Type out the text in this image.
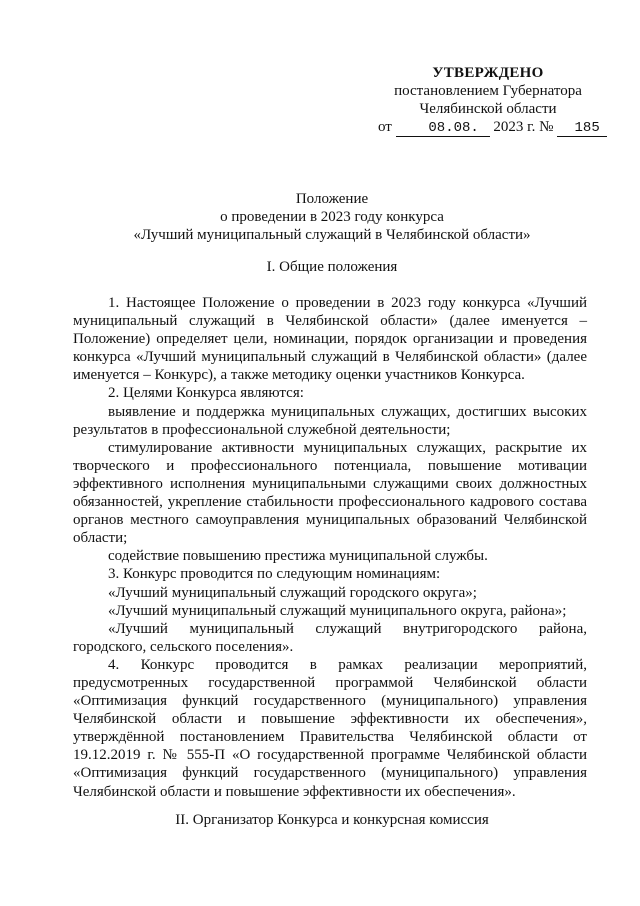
УТВЕРЖДЕНО
постановлением Губернатора
Челябинской области
от	08.08. 2023 г. № 185
Положение
о проведении в 2023 году конкурса
«Лучший муниципальный служащий в Челябинской области»
I. Общие положения

1. Настоящее Положение о проведении в 2023 году конкурса «Лучший муниципальный служащий в Челябинской области» (далее именуется – Положение) определяет цели, номинации, порядок организации и проведения конкурса «Лучший муниципальный служащий в Челябинской области» (далее именуется – Конкурс), а также методику оценки участников Конкурса.

2. Целями Конкурса являются:

выявление и поддержка муниципальных служащих, достигших высоких результатов в профессиональной служебной деятельности;

стимулирование активности муниципальных служащих, раскрытие их творческого и профессионального потенциала, повышение мотивации эффективного исполнения муниципальными служащими своих должностных обязанностей, укрепление стабильности профессионального кадрового состава органов местного самоуправления муниципальных образований Челябинской области;

содействие повышению престижа муниципальной службы.

3. Конкурс проводится по следующим номинациям:

«Лучший муниципальный служащий городского округа»;

«Лучший муниципальный служащий муниципального округа, района»;

«Лучший муниципальный служащий внутригородского района, городского, сельского поселения».

4. Конкурс проводится в рамках реализации мероприятий, предусмотренных государственной программой Челябинской области «Оптимизация функций государственного (муниципального) управления Челябинской области и повышение эффективности их обеспечения», утверждённой постановлением Правительства Челябинской области от 19.12.2019 г. № 555-П «О государственной программе Челябинской области «Оптимизация функций государственного (муниципального) управления Челябинской области и повышение эффективности их обеспечения».

II. Организатор Конкурса и конкурсная комиссия
